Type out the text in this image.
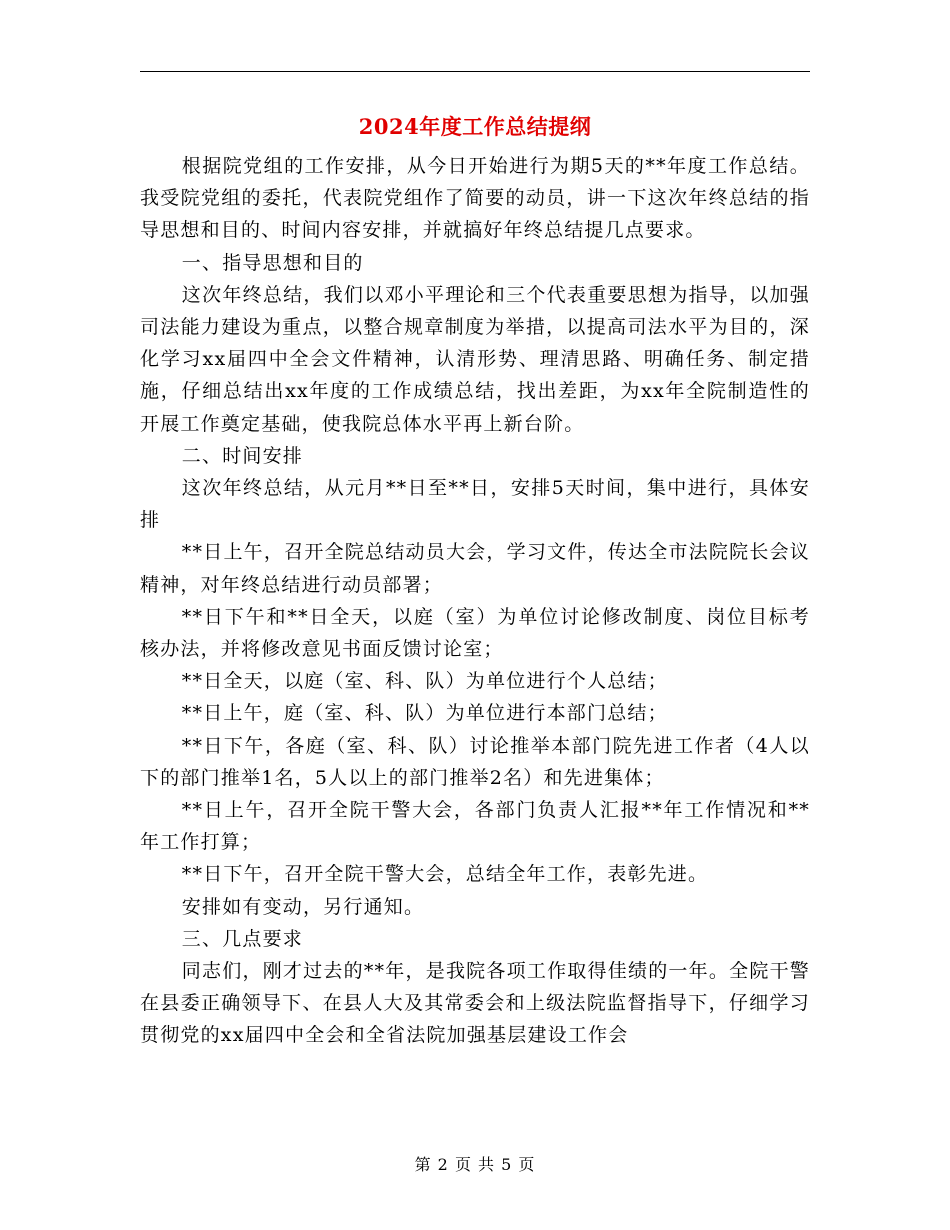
2024年度工作总结提纲

根据院党组的工作安排，从今日开始进行为期5天的**年度工作总结。我受院党组的委托，代表院党组作了简要的动员，讲一下这次年终总结的指导思想和目的、时间内容安排，并就搞好年终总结提几点要求。

一、指导思想和目的

这次年终总结，我们以邓小平理论和三个代表重要思想为指导，以加强司法能力建设为重点，以整合规章制度为举措，以提高司法水平为目的，深化学习xx届四中全会文件精神，认清形势、理清思路、明确任务、制定措施，仔细总结出xx年度的工作成绩总结，找出差距，为xx年全院制造性的开展工作奠定基础，使我院总体水平再上新台阶。

二、时间安排

这次年终总结，从元月**日至**日，安排5天时间，集中进行，具体安排

**日上午，召开全院总结动员大会，学习文件，传达全市法院院长会议精神，对年终总结进行动员部署；

**日下午和**日全天，以庭（室）为单位讨论修改制度、岗位目标考核办法，并将修改意见书面反馈讨论室；

**日全天，以庭（室、科、队）为单位进行个人总结；

**日上午，庭（室、科、队）为单位进行本部门总结；

**日下午，各庭（室、科、队）讨论推举本部门院先进工作者（4人以下的部门推举1名，5人以上的部门推举2名）和先进集体；

**日上午，召开全院干警大会，各部门负责人汇报**年工作情况和**年工作打算；

**日下午，召开全院干警大会，总结全年工作，表彰先进。

安排如有变动，另行通知。

三、几点要求

同志们，刚才过去的**年，是我院各项工作取得佳绩的一年。全院干警在县委正确领导下、在县人大及其常委会和上级法院监督指导下，仔细学习贯彻党的xx届四中全会和全省法院加强基层建设工作会

第 2 页 共 5 页
